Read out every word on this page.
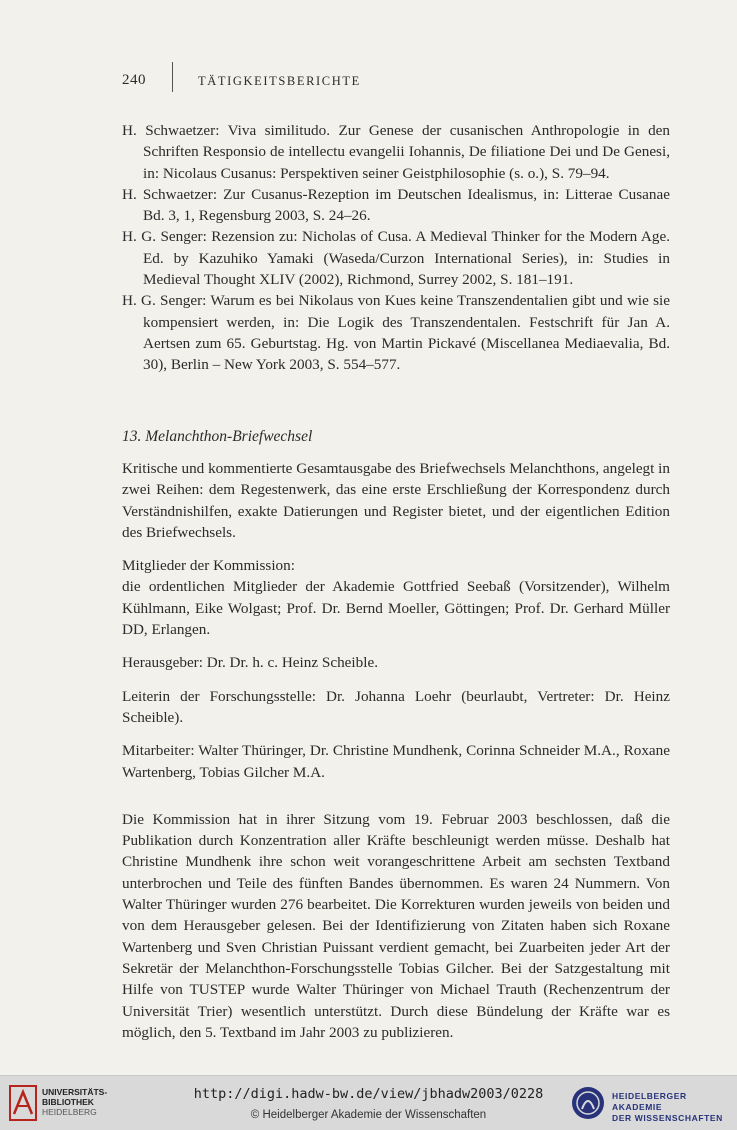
240	TÄTIGKEITSBERICHTE

H. Schwaetzer: Viva similitudo. Zur Genese der cusanischen Anthropologie in den Schriften Responsio de intellectu evangelii Iohannis, De filiatione Dei und De Genesi, in: Nicolaus Cusanus: Perspektiven seiner Geistphilosophie (s. o.), S. 79–94.

H. Schwaetzer: Zur Cusanus-Rezeption im Deutschen Idealismus, in: Litterae Cusanae Bd. 3, 1, Regensburg 2003, S. 24–26.

H. G. Senger: Rezension zu: Nicholas of Cusa. A Medieval Thinker for the Modern Age. Ed. by Kazuhiko Yamaki (Waseda/Curzon International Series), in: Studies in Medieval Thought XLIV (2002), Richmond, Surrey 2002, S. 181–191.

H. G. Senger: Warum es bei Nikolaus von Kues keine Transzendentalien gibt und wie sie kompensiert werden, in: Die Logik des Transzendentalen. Festschrift für Jan A. Aertsen zum 65. Geburtstag. Hg. von Martin Pickavé (Miscellanea Mediaevalia, Bd. 30), Berlin – New York 2003, S. 554–577.

13. Melanchthon-Briefwechsel

Kritische und kommentierte Gesamtausgabe des Briefwechsels Melanchthons, angelegt in zwei Reihen: dem Regestenwerk, das eine erste Erschließung der Korrespondenz durch Verständnishilfen, exakte Datierungen und Register bietet, und der eigentlichen Edition des Briefwechsels.

Mitglieder der Kommission:
die ordentlichen Mitglieder der Akademie Gottfried Seebaß (Vorsitzender), Wilhelm Kühlmann, Eike Wolgast; Prof. Dr. Bernd Moeller, Göttingen; Prof. Dr. Gerhard Müller DD, Erlangen.

Herausgeber: Dr. Dr. h. c. Heinz Scheible.

Leiterin der Forschungsstelle: Dr. Johanna Loehr (beurlaubt, Vertreter: Dr. Heinz Scheible).

Mitarbeiter: Walter Thüringer, Dr. Christine Mundhenk, Corinna Schneider M.A., Roxane Wartenberg, Tobias Gilcher M.A.

Die Kommission hat in ihrer Sitzung vom 19. Februar 2003 beschlossen, daß die Publikation durch Konzentration aller Kräfte beschleunigt werden müsse. Deshalb hat Christine Mundhenk ihre schon weit vorangeschrittene Arbeit am sechsten Textband unterbrochen und Teile des fünften Bandes übernommen. Es waren 24 Nummern. Von Walter Thüringer wurden 276 bearbeitet. Die Korrekturen wurden jeweils von beiden und von dem Herausgeber gelesen. Bei der Identifizierung von Zitaten haben sich Roxane Wartenberg und Sven Christian Puissant verdient gemacht, bei Zuarbeiten jeder Art der Sekretär der Melanchthon-Forschungsstelle Tobias Gilcher. Bei der Satzgestaltung mit Hilfe von TUSTEP wurde Walter Thüringer von Michael Trauth (Rechenzentrum der Universität Trier) wesentlich unterstützt. Durch diese Bündelung der Kräfte war es möglich, den 5. Textband im Jahr 2003 zu publizieren.

UNIVERSITÄTS-
BIBLIOTHEK
HEIDELBERG
http://digi.hadw-bw.de/view/jbhadw2003/0228
© Heidelberger Akademie der Wissenschaften
HEIDELBERGER AKADEMIE
DER WISSENSCHAFTEN
